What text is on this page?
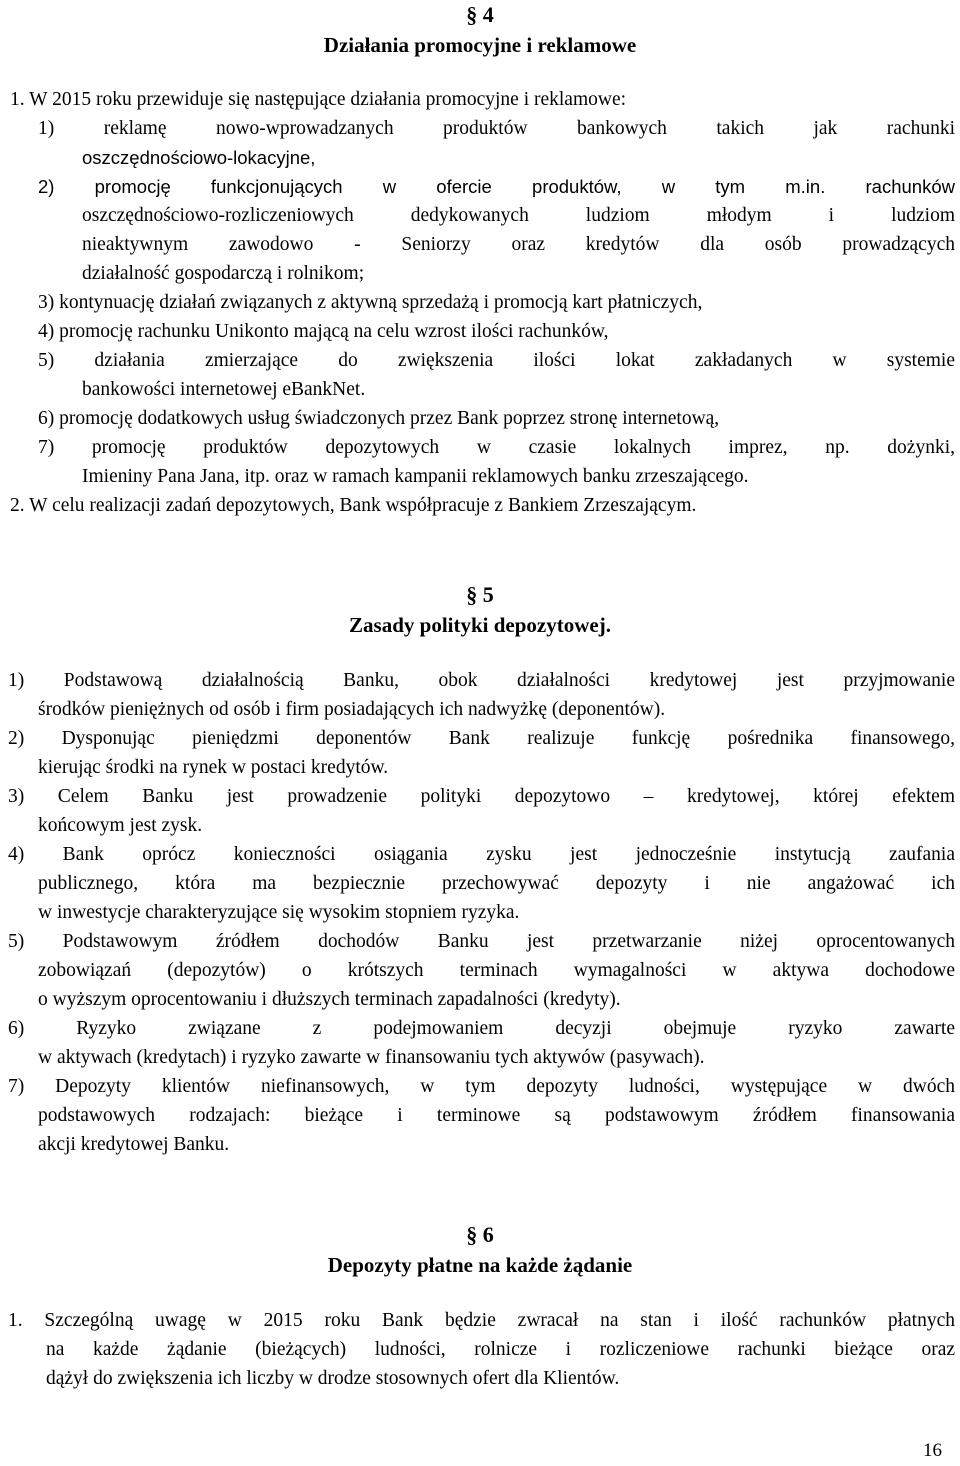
§ 4
Działania promocyjne i reklamowe

1. W 2015 roku przewiduje się następujące działania promocyjne i reklamowe:

1) reklamę nowo-wprowadzanych produktów bankowych takich jak rachunki

oszczędnościowo-lokacyjne,

2) promocję funkcjonujących w ofercie produktów, w tym m.in. rachunków

oszczędnościowo-rozliczeniowych dedykowanych ludziom młodym i ludziom

nieaktywnym zawodowo - Seniorzy oraz kredytów dla osób prowadzących

działalność gospodarczą i rolnikom;

3) kontynuację działań związanych z aktywną sprzedażą i promocją kart płatniczych,

4) promocję rachunku Unikonto mającą na celu wzrost ilości rachunków,

5) działania zmierzające do zwiększenia ilości lokat zakładanych w systemie

bankowości internetowej eBankNet.

6) promocję dodatkowych usług świadczonych przez Bank poprzez stronę internetową,

7) promocję produktów depozytowych w czasie lokalnych imprez, np. dożynki,

Imieniny Pana Jana, itp. oraz w ramach kampanii reklamowych banku zrzeszającego.

2. W celu realizacji zadań depozytowych, Bank współpracuje z Bankiem Zrzeszającym.

§ 5
Zasady polityki depozytowej.

1) Podstawową działalnością Banku, obok działalności kredytowej jest przyjmowanie

środków pieniężnych od osób i firm posiadających ich nadwyżkę (deponentów).

2) Dysponując pieniędzmi deponentów Bank realizuje funkcję pośrednika finansowego,

kierując środki na rynek w postaci kredytów.

3) Celem Banku jest prowadzenie polityki depozytowo – kredytowej, której efektem

końcowym jest zysk.

4) Bank oprócz konieczności osiągania zysku jest jednocześnie instytucją zaufania

publicznego, która ma bezpiecznie przechowywać depozyty i nie angażować ich

w inwestycje charakteryzujące się wysokim stopniem ryzyka.

5) Podstawowym źródłem dochodów Banku jest przetwarzanie niżej oprocentowanych

zobowiązań (depozytów) o krótszych terminach wymagalności w aktywa dochodowe

o wyższym oprocentowaniu i dłuższych terminach zapadalności (kredyty).

6) Ryzyko związane z podejmowaniem decyzji obejmuje ryzyko zawarte

w aktywach (kredytach) i ryzyko zawarte w finansowaniu tych aktywów (pasywach).

7) Depozyty klientów niefinansowych, w tym depozyty ludności, występujące w dwóch

podstawowych rodzajach: bieżące i terminowe są podstawowym źródłem finansowania

akcji kredytowej Banku.

§ 6
Depozyty płatne na każde żądanie

1. Szczególną uwagę w 2015 roku Bank będzie zwracał na stan i ilość rachunków płatnych

na każde żądanie (bieżących) ludności, rolnicze i rozliczeniowe rachunki bieżące oraz

dążył do zwiększenia ich liczby w drodze stosownych ofert dla Klientów.

16
